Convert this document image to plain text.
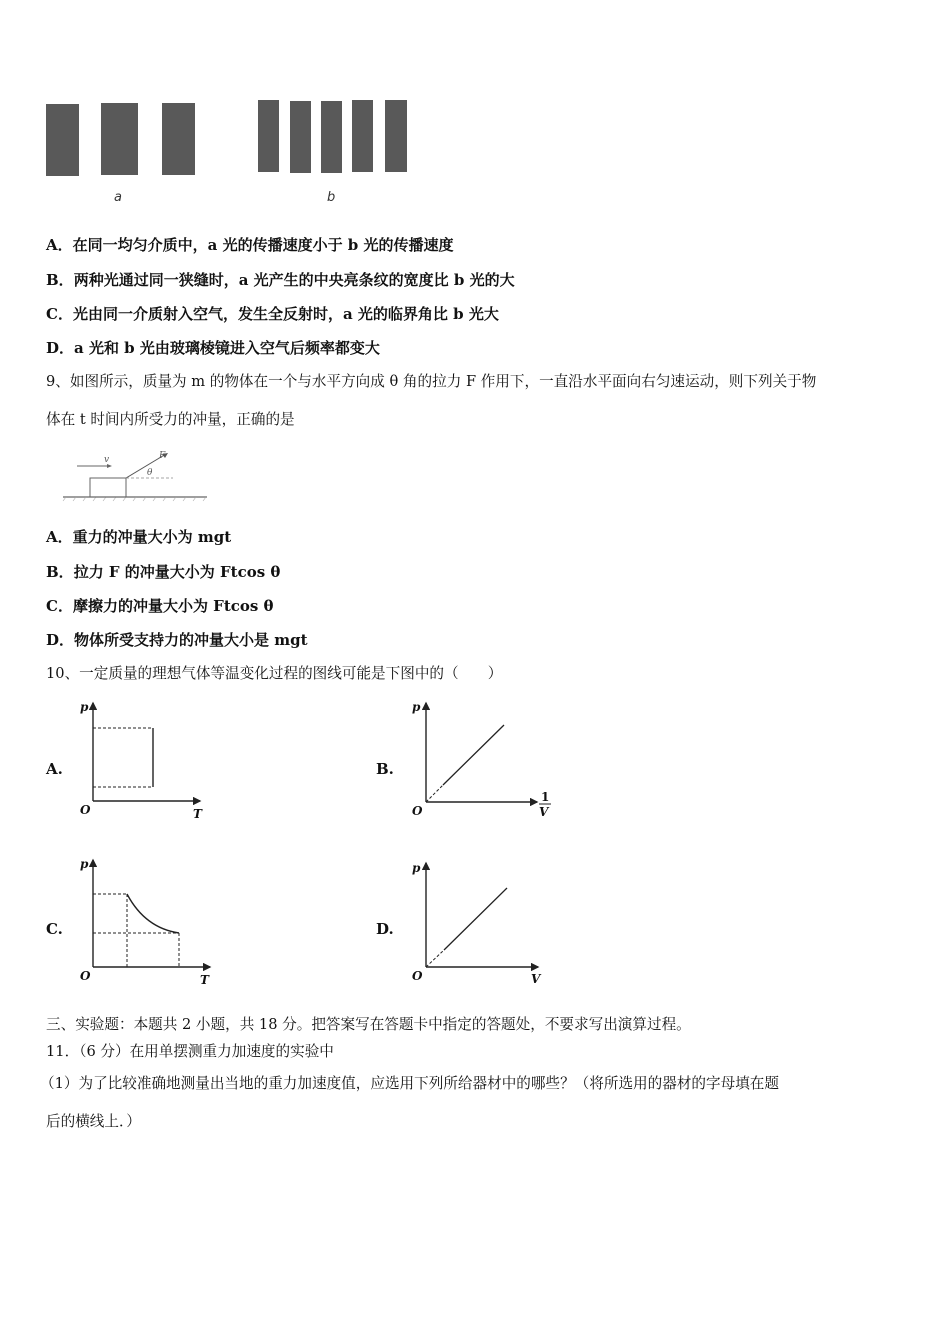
a	b
A．在同一均匀介质中，a 光的传播速度小于 b 光的传播速度
B．两种光通过同一狭缝时，a 光产生的中央亮条纹的宽度比 b 光的大
C．光由同一介质射入空气，发生全反射时，a 光的临界角比 b 光大
D．a 光和 b 光由玻璃棱镜进入空气后频率都变大
9、如图所示，质量为 m 的物体在一个与水平方向成 θ 角的拉力 F 作用下，一直沿水平面向右匀速运动，则下列关于物
体在 t 时间内所受力的冲量，正确的是
v	F
θ
A．重力的冲量大小为 mgt
B．拉力 F 的冲量大小为 Ftcos θ
C．摩擦力的冲量大小为 Ftcos θ
D．物体所受支持力的冲量大小是 mgt
10、一定质量的理想气体等温变化过程的图线可能是下图中的（　　）
A.	B.
C.	D.
p
O	T
p
O
1
V
p
O	T
p
O	V
三、实验题：本题共 2 小题，共 18 分。把答案写在答题卡中指定的答题处，不要求写出演算过程。
11．（6 分）在用单摆测重力加速度的实验中
（1）为了比较准确地测量出当地的重力加速度值，应选用下列所给器材中的哪些？（将所选用的器材的字母填在题
后的横线上．）
